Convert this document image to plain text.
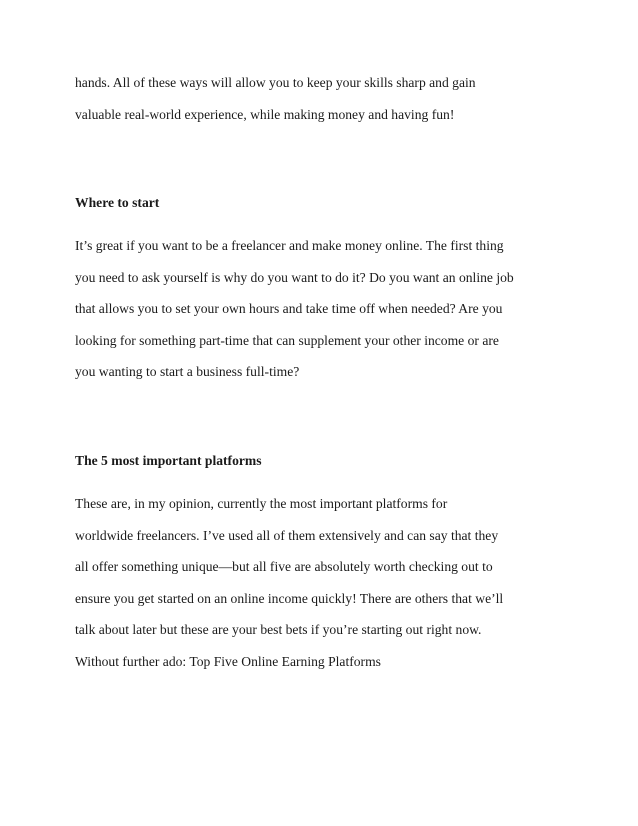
hands. All of these ways will allow you to keep your skills sharp and gain

valuable real-world experience, while making money and having fun!

Where to start

It’s great if you want to be a freelancer and make money online. The first thing

you need to ask yourself is why do you want to do it? Do you want an online job

that allows you to set your own hours and take time off when needed? Are you

looking for something part-time that can supplement your other income or are

you wanting to start a business full-time?

The 5 most important platforms

These are, in my opinion, currently the most important platforms for

worldwide freelancers. I’ve used all of them extensively and can say that they

all offer something unique—but all five are absolutely worth checking out to

ensure you get started on an online income quickly! There are others that we’ll

talk about later but these are your best bets if you’re starting out right now.

Without further ado: Top Five Online Earning Platforms
